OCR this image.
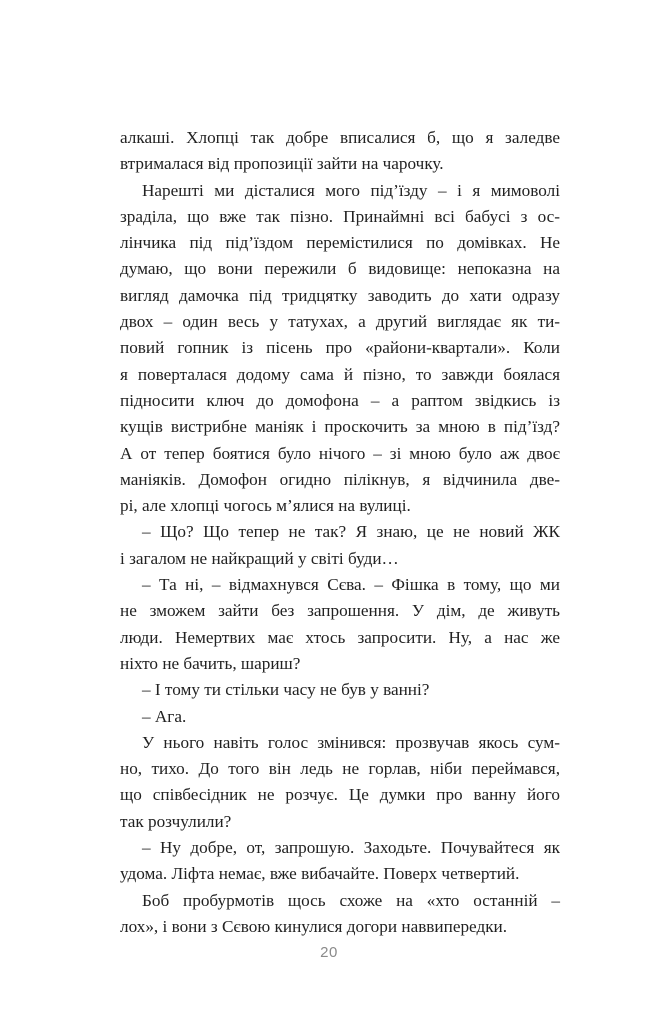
алкаші. Хлопці так добре вписалися б, що я заледве
втрималася від пропозиції зайти на чарочку.
Нарешті ми дісталися мого під’їзду – і я мимоволі
зраділа, що вже так пізно. Принаймні всі бабусі з ос-
лінчика під під’їздом перемістилися по домівках. Не
думаю, що вони пережили б видовище: непоказна на
вигляд дамочка під тридцятку заводить до хати одразу
двох – один весь у татухах, а другий виглядає як ти-
повий гопник із пісень про «райони-квартали». Коли
я поверталася додому сама й пізно, то завжди боялася
підносити ключ до домофона – а раптом звідкись із
кущів вистрибне маніяк і проскочить за мною в під’їзд?
А от тепер боятися було нічого – зі мною було аж двоє
маніяків. Домофон огидно пілікнув, я відчинила две-
рі, але хлопці чогось м’ялися на вулиці.
– Що? Що тепер не так? Я знаю, це не новий ЖК
і загалом не найкращий у світі буди…
– Та ні, – відмахнувся Сєва. – Фішка в тому, що ми
не зможем зайти без запрошення. У дім, де живуть
люди. Немертвих має хтось запросити. Ну, а нас же
ніхто не бачить, шариш?
– І тому ти стільки часу не був у ванні?
– Ага.
У нього навіть голос змінився: прозвучав якось сум-
но, тихо. До того він ледь не горлав, ніби переймався,
що співбесідник не розчує. Це думки про ванну його
так розчулили?
– Ну добре, от, запрошую. Заходьте. Почувайтеся як
удома. Ліфта немає, вже вибачайте. Поверх четвертий.
Боб пробурмотів щось схоже на «хто останній –
лох», і вони з Сєвою кинулися догори наввипередки.
20
